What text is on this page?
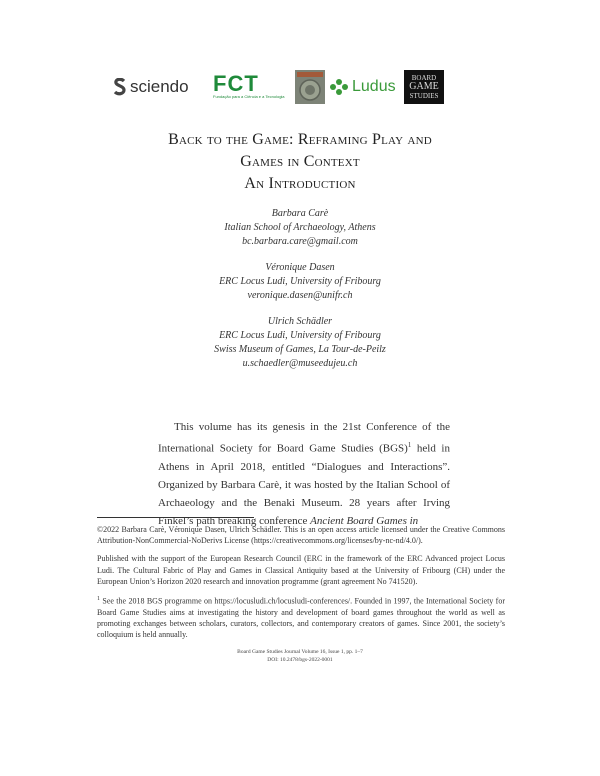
sciendo FCT
Fundação para a Ciência e a Tecnologia
Ludus BOARD
GAME
STUDIES
Back to the Game: Reframing Play and
Games in Context
An Introduction
Barbara Carè
Italian School of Archaeology, Athens
bc.barbara.care@gmail.com
Véronique Dasen
ERC Locus Ludi, University of Fribourg
veronique.dasen@unifr.ch
Ulrich Schädler
ERC Locus Ludi, University of Fribourg
Swiss Museum of Games, La Tour-de-Peilz
u.schaedler@museedujeu.ch

This volume has its genesis in the 21st Conference of the International Society for Board Game Studies (BGS)$^1$ held in Athens in April 2018, entitled “Dialogues and Interactions”. Organized by Barbara Carè, it was hosted by the Italian School of Archaeology and the Benaki Museum. 28 years after Irving Finkel’s path breaking conference Ancient Board Games in

©2022 Barbara Carè, Véronique Dasen, Ulrich Schädler. This is an open access article licensed under the Creative Commons Attribution-NonCommercial-NoDerivs License (https://creativecommons.org/licenses/by-nc-nd/4.0/).

Published with the support of the European Research Council (ERC in the framework of the ERC Advanced project Locus Ludi. The Cultural Fabric of Play and Games in Classical Antiquity based at the University of Fribourg (CH) under the European Union’s Horizon 2020 research and innovation programme (grant agreement No 741520).

$^1$ See the 2018 BGS programme on https://locusludi.ch/locusludi-conferences/. Founded in 1997, the International Society for Board Game Studies aims at investigating the history and development of board games throughout the world as well as promoting exchanges between scholars, curators, collectors, and contemporary creators of games. Since 2001, the society’s colloquium is held annually.

Board Game Studies Journal Volume 16, Issue 1, pp. 1–7
DOI: 10.2478/bgs-2022-0001
